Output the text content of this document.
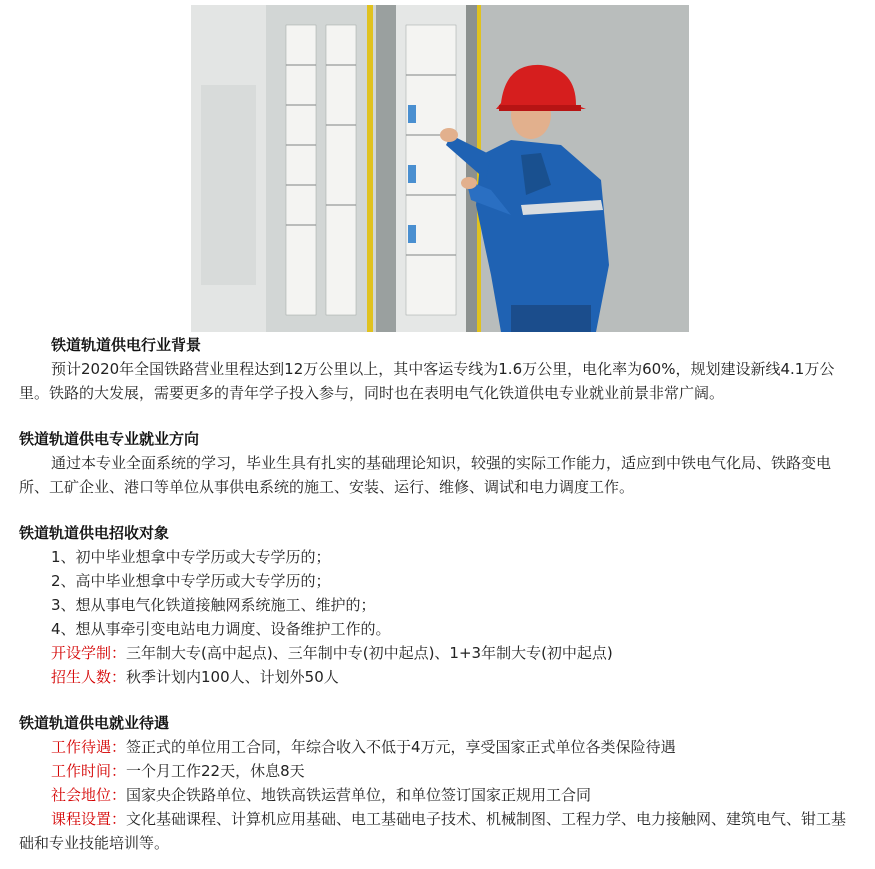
铁道轨道供电行业背景

预计2020年全国铁路营业里程达到12万公里以上，其中客运专线为1.6万公里，电化率为60%，规划建设新线4.1万公里。铁路的大发展，需要更多的青年学子投入参与，同时也在表明电气化铁道供电专业就业前景非常广阔。

铁道轨道供电专业就业方向

通过本专业全面系统的学习，毕业生具有扎实的基础理论知识，较强的实际工作能力，适应到中铁电气化局、铁路变电所、工矿企业、港口等单位从事供电系统的施工、安装、运行、维修、调试和电力调度工作。

铁道轨道供电招收对象

1、初中毕业想拿中专学历或大专学历的；

2、高中毕业想拿中专学历或大专学历的；

3、想从事电气化铁道接触网系统施工、维护的；

4、想从事牵引变电站电力调度、设备维护工作的。

开设学制：三年制大专(高中起点)、三年制中专(初中起点)、1+3年制大专(初中起点)

招生人数：秋季计划内100人、计划外50人

铁道轨道供电就业待遇

工作待遇：签正式的单位用工合同，年综合收入不低于4万元，享受国家正式单位各类保险待遇

工作时间：一个月工作22天，休息8天

社会地位：国家央企铁路单位、地铁高铁运营单位，和单位签订国家正规用工合同

课程设置：文化基础课程、计算机应用基础、电工基础电子技术、机械制图、工程力学、电力接触网、建筑电气、钳工基础和专业技能培训等。
